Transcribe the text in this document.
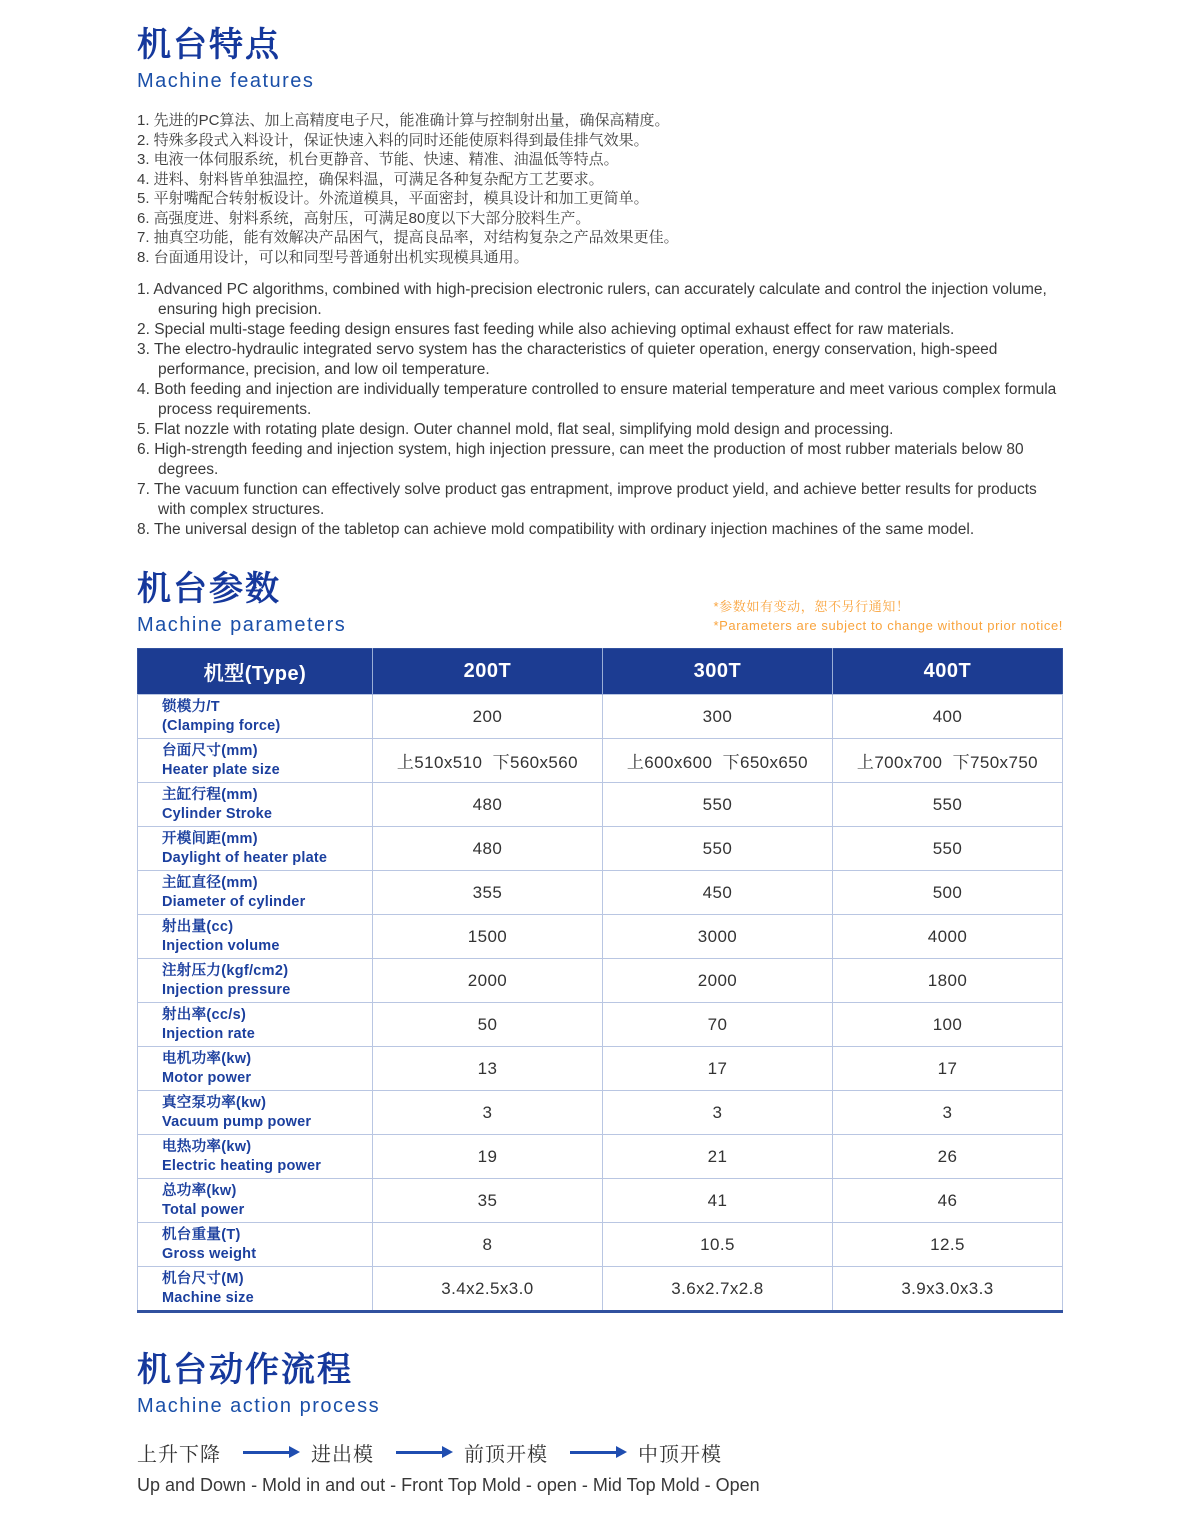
机台特点
Machine features
1. 先进的PC算法、加上高精度电子尺，能准确计算与控制射出量，确保高精度。
2. 特殊多段式入料设计，保证快速入料的同时还能使原料得到最佳排气效果。
3. 电液一体伺服系统，机台更静音、节能、快速、精准、油温低等特点。
4. 进料、射料皆单独温控，确保料温，可满足各种复杂配方工艺要求。
5. 平射嘴配合转射板设计。外流道模具，平面密封，模具设计和加工更简单。
6. 高强度进、射料系统，高射压，可满足80度以下大部分胶料生产。
7. 抽真空功能，能有效解决产品困气，提高良品率，对结构复杂之产品效果更佳。
8. 台面通用设计，可以和同型号普通射出机实现模具通用。
1. Advanced PC algorithms, combined with high-precision electronic rulers, can accurately calculate and control the injection volume, ensuring high precision.
2. Special multi-stage feeding design ensures fast feeding while also achieving optimal exhaust effect for raw materials.
3. The electro-hydraulic integrated servo system has the characteristics of quieter operation, energy conservation, high-speed performance, precision, and low oil temperature.
4. Both feeding and injection are individually temperature controlled to ensure material temperature and meet various complex formula process requirements.
5. Flat nozzle with rotating plate design. Outer channel mold, flat seal, simplifying mold design and processing.
6. High-strength feeding and injection system, high injection pressure, can meet the production of most rubber materials below 80 degrees.
7. The vacuum function can effectively solve product gas entrapment, improve product yield, and achieve better results for products with complex structures.
8. The universal design of the tabletop can achieve mold compatibility with ordinary injection machines of the same model.
机台参数
Machine parameters
*参数如有变动，恕不另行通知！
*Parameters are subject to change without prior notice!
机型(Type)	200T	300T	400T

锁模力/T
(Clamping force)	200	300	400

台面尺寸(mm)
Heater plate size	上510x510  下560x560	上600x600  下650x650	上700x700  下750x750

主缸行程(mm)
Cylinder Stroke	480	550	550

开模间距(mm)
Daylight of heater plate	480	550	550

主缸直径(mm)
Diameter of cylinder	355	450	500

射出量(cc)
Injection volume	1500	3000	4000

注射压力(kgf/cm2)
Injection pressure	2000	2000	1800

射出率(cc/s)
Injection rate	50	70	100

电机功率(kw)
Motor power	13	17	17

真空泵功率(kw)
Vacuum pump power	3	3	3

电热功率(kw)
Electric heating power	19	21	26

总功率(kw)
Total power	35	41	46

机台重量(T)
Gross weight	8	10.5	12.5

机台尺寸(M)
Machine size	3.4x2.5x3.0	3.6x2.7x2.8	3.9x3.0x3.3
机台动作流程
Machine action process
上升下降	进出模	前顶开模	中顶开模
Up and Down - Mold in and out - Front Top Mold - open - Mid Top Mold - Open
